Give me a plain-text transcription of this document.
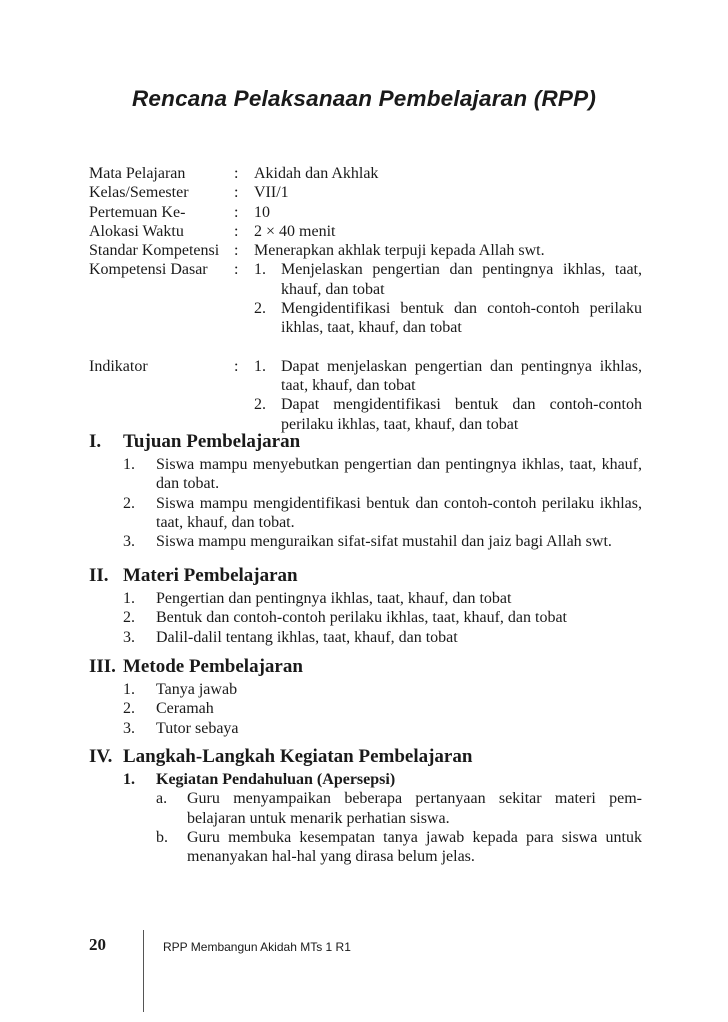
Rencana Pelaksanaan Pembelajaran (RPP)
Mata Pelajaran	: Akidah dan Akhlak
Kelas/Semester	: VII/1
Pertemuan Ke-	: 10
Alokasi Waktu	: 2 × 40 menit
Standar Kompetensi : Menerapkan akhlak terpuji kepada Allah swt.
Kompetensi Dasar	: 1. Menjelaskan pengertian dan pentingnya ikhlas, taat, khauf, dan tobat
2. Mengidentifikasi bentuk dan contoh-contoh perilaku ikhlas, taat, khauf, dan tobat
Indikator	: 1. Dapat menjelaskan pengertian dan pentingnya ikhlas, taat, khauf, dan tobat
2. Dapat mengidentifikasi bentuk dan contoh-contoh perilaku ikhlas, taat, khauf, dan tobat
I.	Tujuan Pembelajaran
1.	Siswa mampu menyebutkan pengertian dan pentingnya ikhlas, taat, khauf, dan tobat.
2.	Siswa mampu mengidentifikasi bentuk dan contoh-contoh perilaku ikhlas, taat, khauf, dan tobat.
3.	Siswa mampu menguraikan sifat-sifat mustahil dan jaiz bagi Allah swt.
II. Materi Pembelajaran
1.	Pengertian dan pentingnya ikhlas, taat, khauf, dan tobat
2.	Bentuk dan contoh-contoh perilaku ikhlas, taat, khauf, dan tobat
3.	Dalil-dalil tentang ikhlas, taat, khauf, dan tobat
III. Metode Pembelajaran
1.	Tanya jawab
2.	Ceramah
3.	Tutor sebaya
IV. Langkah-Langkah Kegiatan Pembelajaran
1.	Kegiatan Pendahuluan (Apersepsi)
a.	Guru menyampaikan beberapa pertanyaan sekitar materi pem-belajaran untuk menarik perhatian siswa.
b.	Guru membuka kesempatan tanya jawab kepada para siswa untuk menanyakan hal-hal yang dirasa belum jelas.
20	RPP Membangun Akidah MTs 1 R1
